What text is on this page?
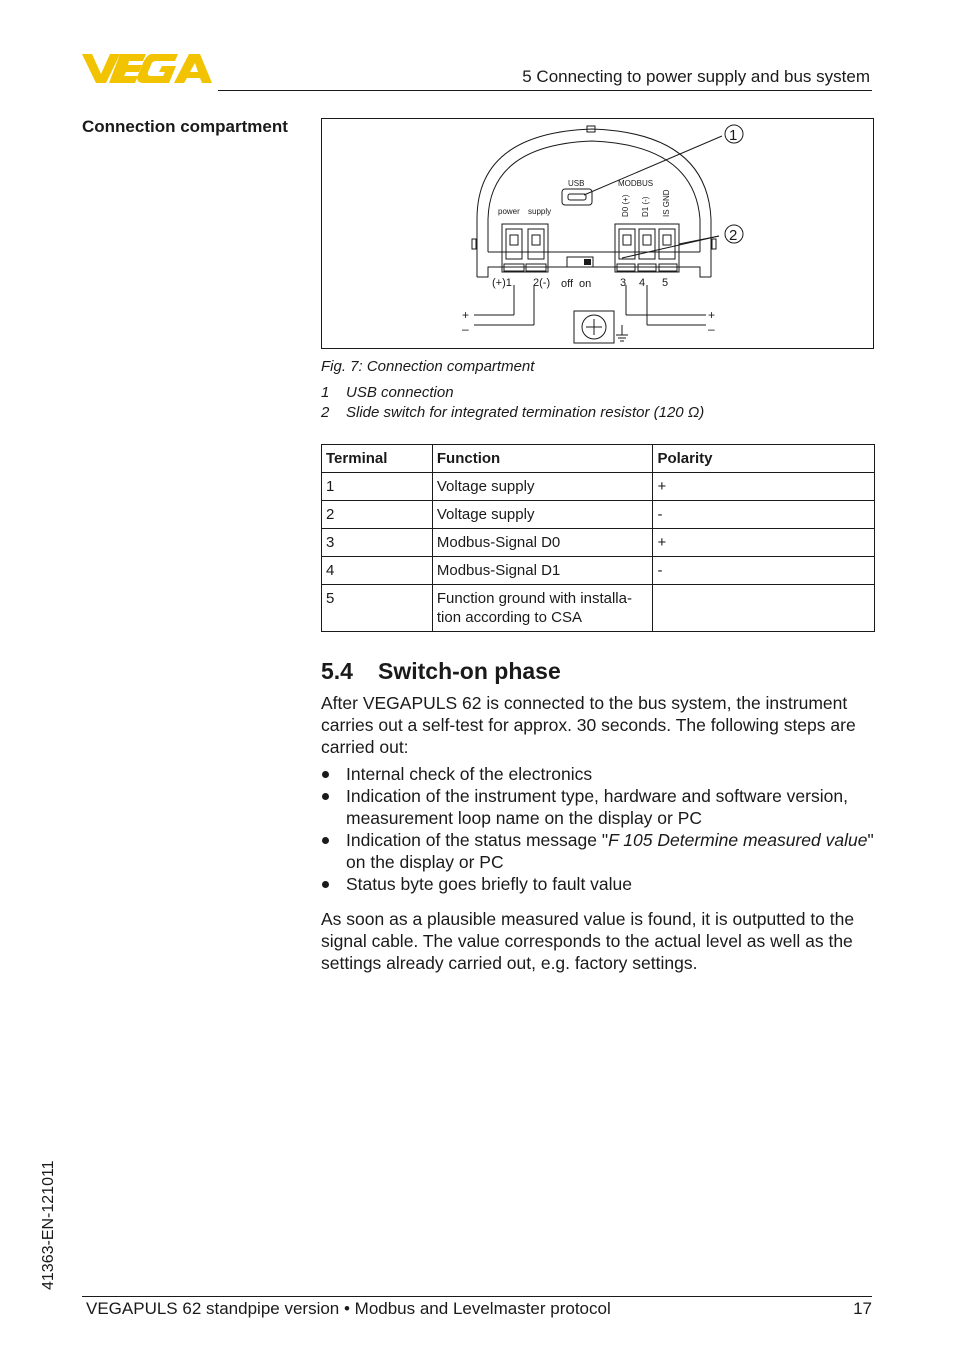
5 Connecting to power supply and bus system
Connection compartment
USB	MODBUS
power supply	D0 (+) D1 (-) IS GND
(+)1 2(-) off on	3 4 5
+
–
+
–
1
2
Fig. 7: Connection compartment
1 USB connection
2 Slide switch for integrated termination resistor (120 Ω)
Terminal	Function	Polarity
1	Voltage supply	+
2	Voltage supply	-
3	Modbus-Signal D0	+
4	Modbus-Signal D1	-
5	Function ground with installa-
tion according to CSA	
5.4 Switch-on phase

After VEGAPULS 62 is connected to the bus system, the instrument carries out a self-test for approx. 30 seconds. The following steps are carried out:

Internal check of the electronics
Indication of the instrument type, hardware and software version, measurement loop name on the display or PC
Indication of the status message "F 105 Determine measured value" on the display or PC
Status byte goes briefly to fault value

As soon as a plausible measured value is found, it is outputted to the signal cable. The value corresponds to the actual level as well as the settings already carried out, e.g. factory settings.

41363-EN-121011
VEGAPULS 62 standpipe version • Modbus and Levelmaster protocol	17
